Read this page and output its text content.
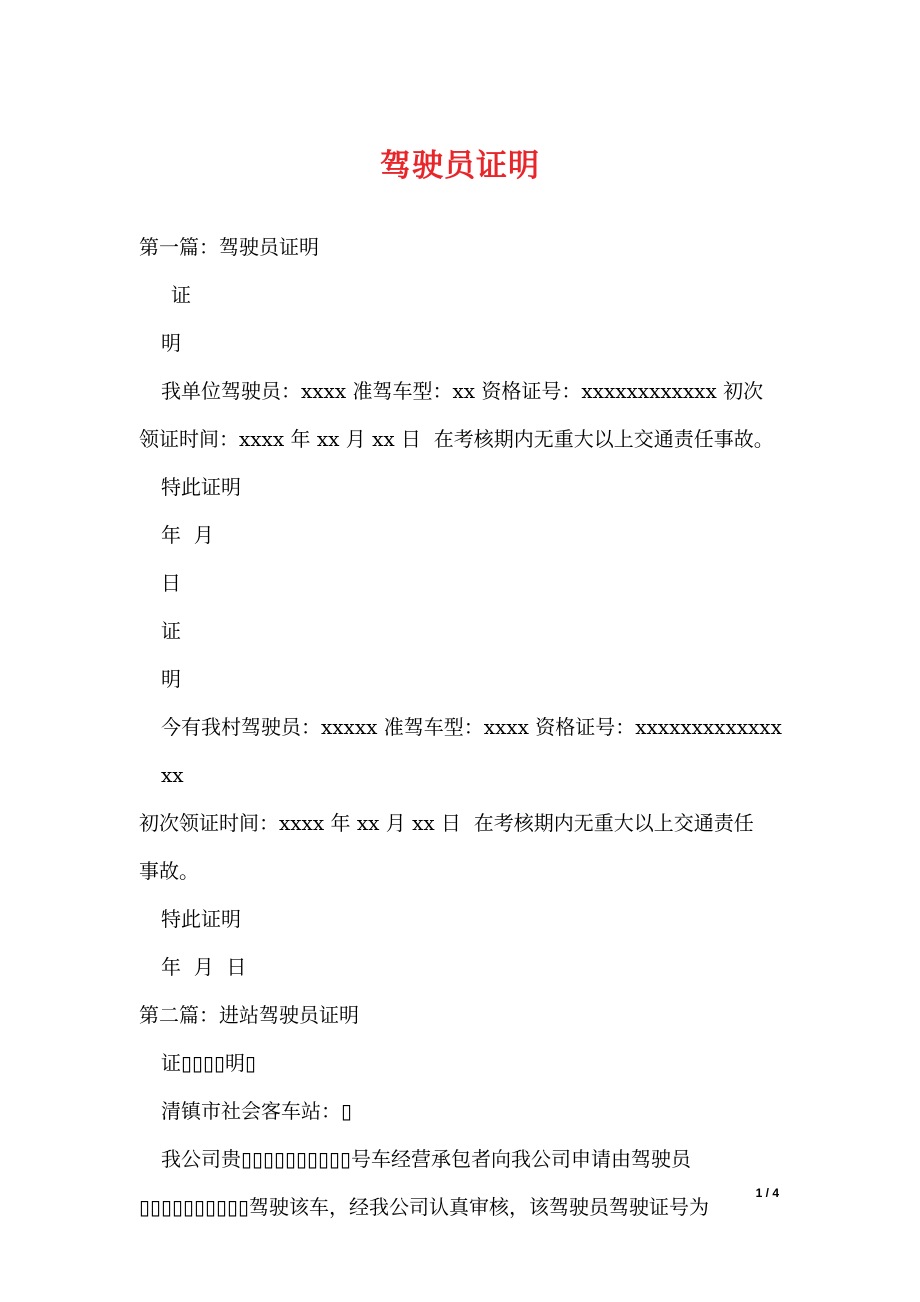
驾驶员证明

第一篇：驾驶员证明

证

明

我单位驾驶员：xxxx 准驾车型：xx 资格证号：xxxxxxxxxxxx 初次

领证时间：xxxx 年 xx 月 xx 日  在考核期内无重大以上交通责任事故。

特此证明

年  月

日

证

明

今有我村驾驶员：xxxxx 准驾车型：xxxx 资格证号：xxxxxxxxxxxxxxx

初次领证时间：xxxx 年 xx 月 xx 日  在考核期内无重大以上交通责任

事故。

特此证明

年  月  日

第二篇：进站驾驶员证明

证▯▯▯▯明▯

清镇市社会客车站：▯

我公司贵▯▯▯▯▯▯▯▯▯▯号车经营承包者向我公司申请由驾驶员

▯▯▯▯▯▯▯▯▯▯驾驶该车，经我公司认真审核，该驾驶员驾驶证号为

1 / 4
